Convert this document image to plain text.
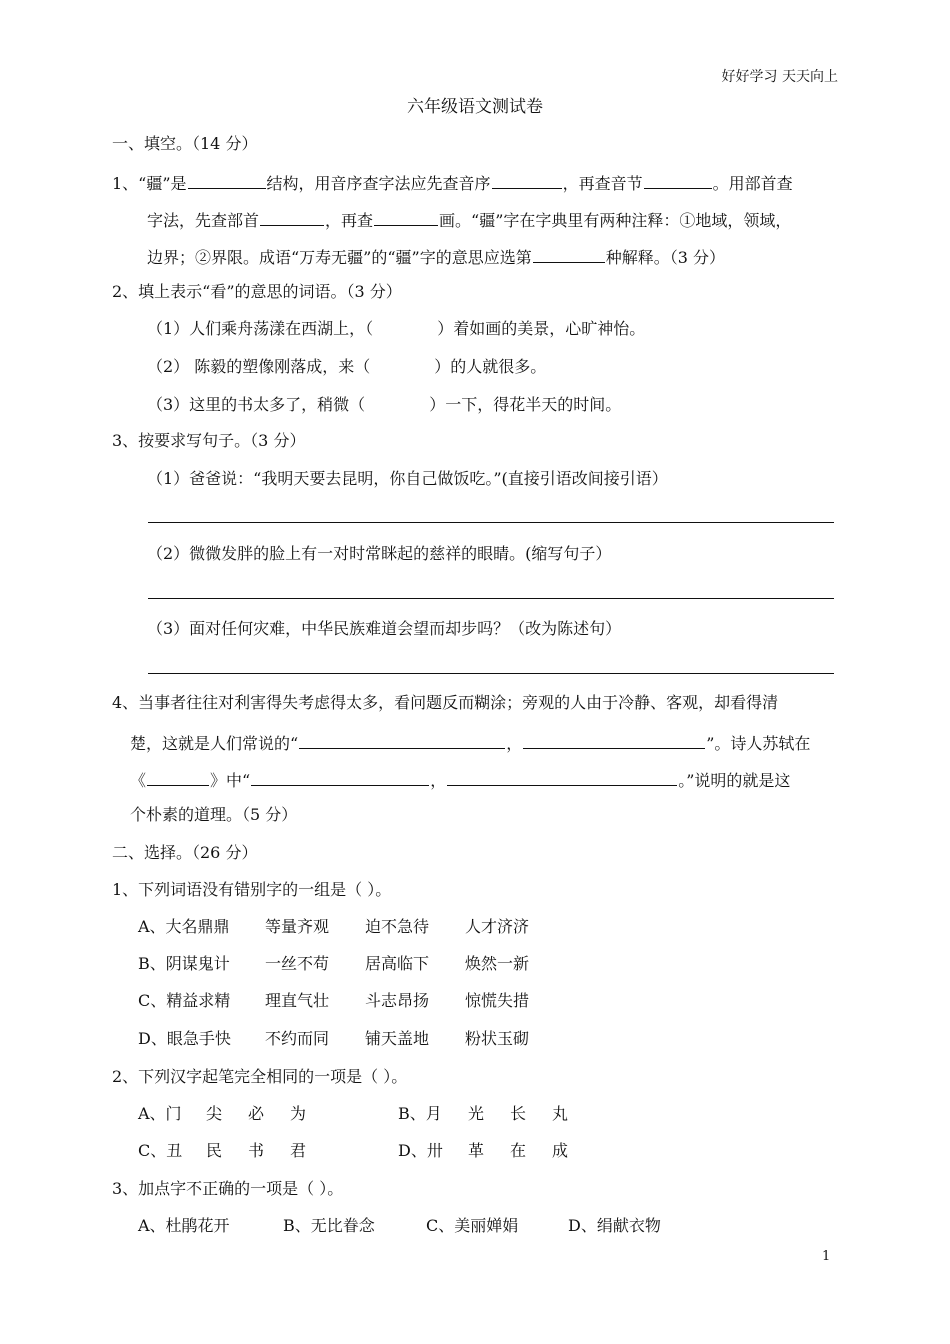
好好学习 天天向上
六年级语文测试卷
一、填空。（14 分）
1、“疆”是	结构，用音序查字法应先查音序	，再查音节	。用部首查
字法，先查部首	，再查	画。“疆”字在字典里有两种注释：①地域，领域，
边界；②界限。成语“万寿无疆”的“疆”字的意思应选第	种解释。（3 分）
2、填上表示“看”的意思的词语。（3 分）
（1）人们乘舟荡漾在西湖上，（	）着如画的美景，心旷神怡。
（2） 陈毅的塑像刚落成，来（	）的人就很多。
（3）这里的书太多了，稍微（	）一下，得花半天的时间。
3、按要求写句子。（3 分）
（1）爸爸说：“我明天要去昆明，你自己做饭吃。”(直接引语改间接引语）
（2）微微发胖的脸上有一对时常眯起的慈祥的眼睛。(缩写句子）
（3）面对任何灾难，中华民族难道会望而却步吗？（改为陈述句）
4、当事者往往对利害得失考虑得太多，看问题反而糊涂；旁观的人由于冷静、客观，却看得清
楚，这就是人们常说的“	，	”。诗人苏轼在
《	》中“	，	。”说明的就是这
个朴素的道理。（5 分）
二、选择。（26 分）
1、下列词语没有错别字的一组是（ ）。
A、大名鼎鼎 等量齐观 迫不急待 人才济济
B、阴谋鬼计 一丝不苟 居高临下 焕然一新
C、精益求精 理直气壮 斗志昂扬 惊慌失措
D、眼急手快 不约而同 铺天盖地 粉状玉砌
2、下列汉字起笔完全相同的一项是（ ）。
A、门 尖 必 为	B、月 光 长 丸
C、丑 民 书 君	D、卅 革 在 成
3、加点字不正确的一项是（ ）。
A、杜鹃花开	B、无比眷念	C、美丽婵娟	D、绢献衣物
1
